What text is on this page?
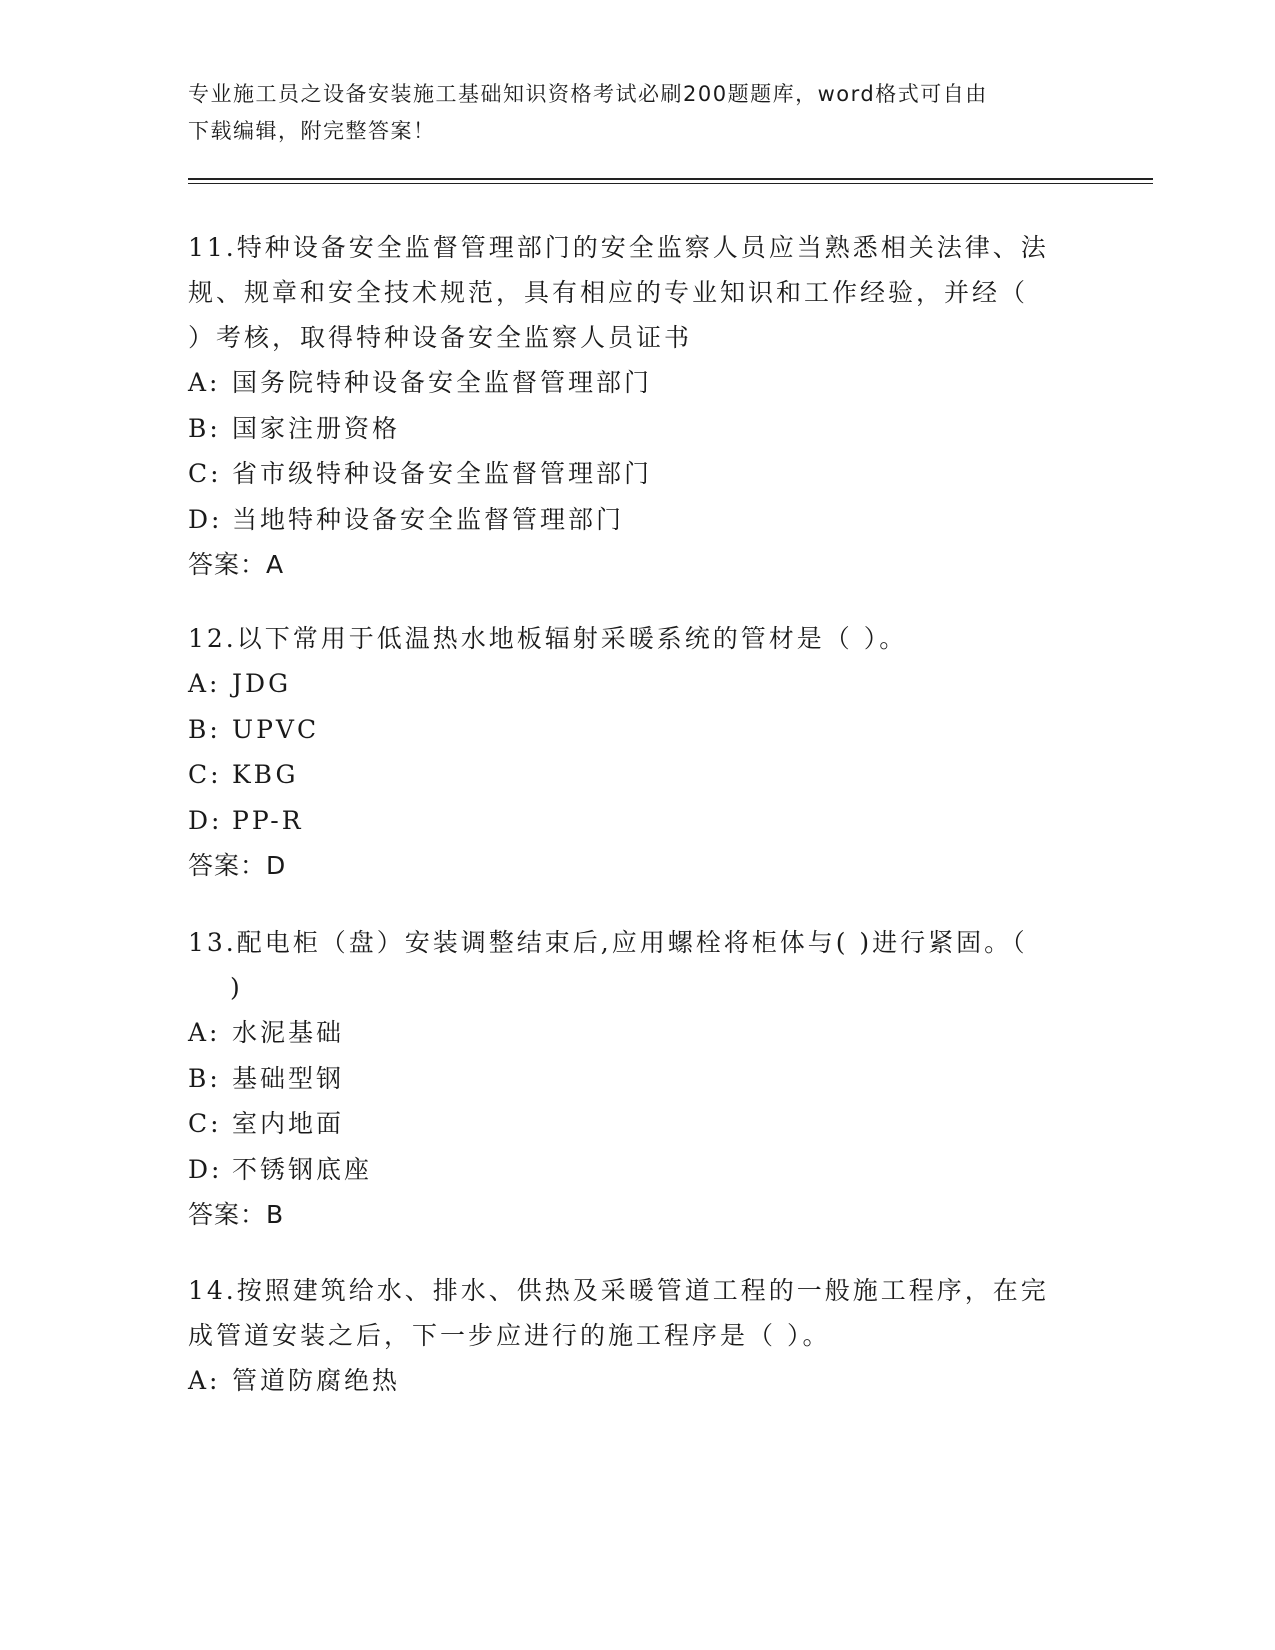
专业施工员之设备安装施工基础知识资格考试必刷200题题库，word格式可自由
下载编辑，附完整答案！
11.特种设备安全监督管理部门的安全监察人员应当熟悉相关法律、法
规、规章和安全技术规范，具有相应的专业知识和工作经验，并经（
）考核，取得特种设备安全监察人员证书
A: 国务院特种设备安全监督管理部门
B: 国家注册资格
C: 省市级特种设备安全监督管理部门
D: 当地特种设备安全监督管理部门
答案：A
12.以下常用于低温热水地板辐射采暖系统的管材是（ ）。
A: JDG
B: UPVC
C: KBG
D: PP-R
答案：D
13.配电柜（盘）安装调整结束后,应用螺栓将柜体与( )进行紧固。（
)
A: 水泥基础
B: 基础型钢
C: 室内地面
D: 不锈钢底座
答案：B
14.按照建筑给水、排水、供热及采暖管道工程的一般施工程序，在完
成管道安装之后，下一步应进行的施工程序是（ ）。
A: 管道防腐绝热
